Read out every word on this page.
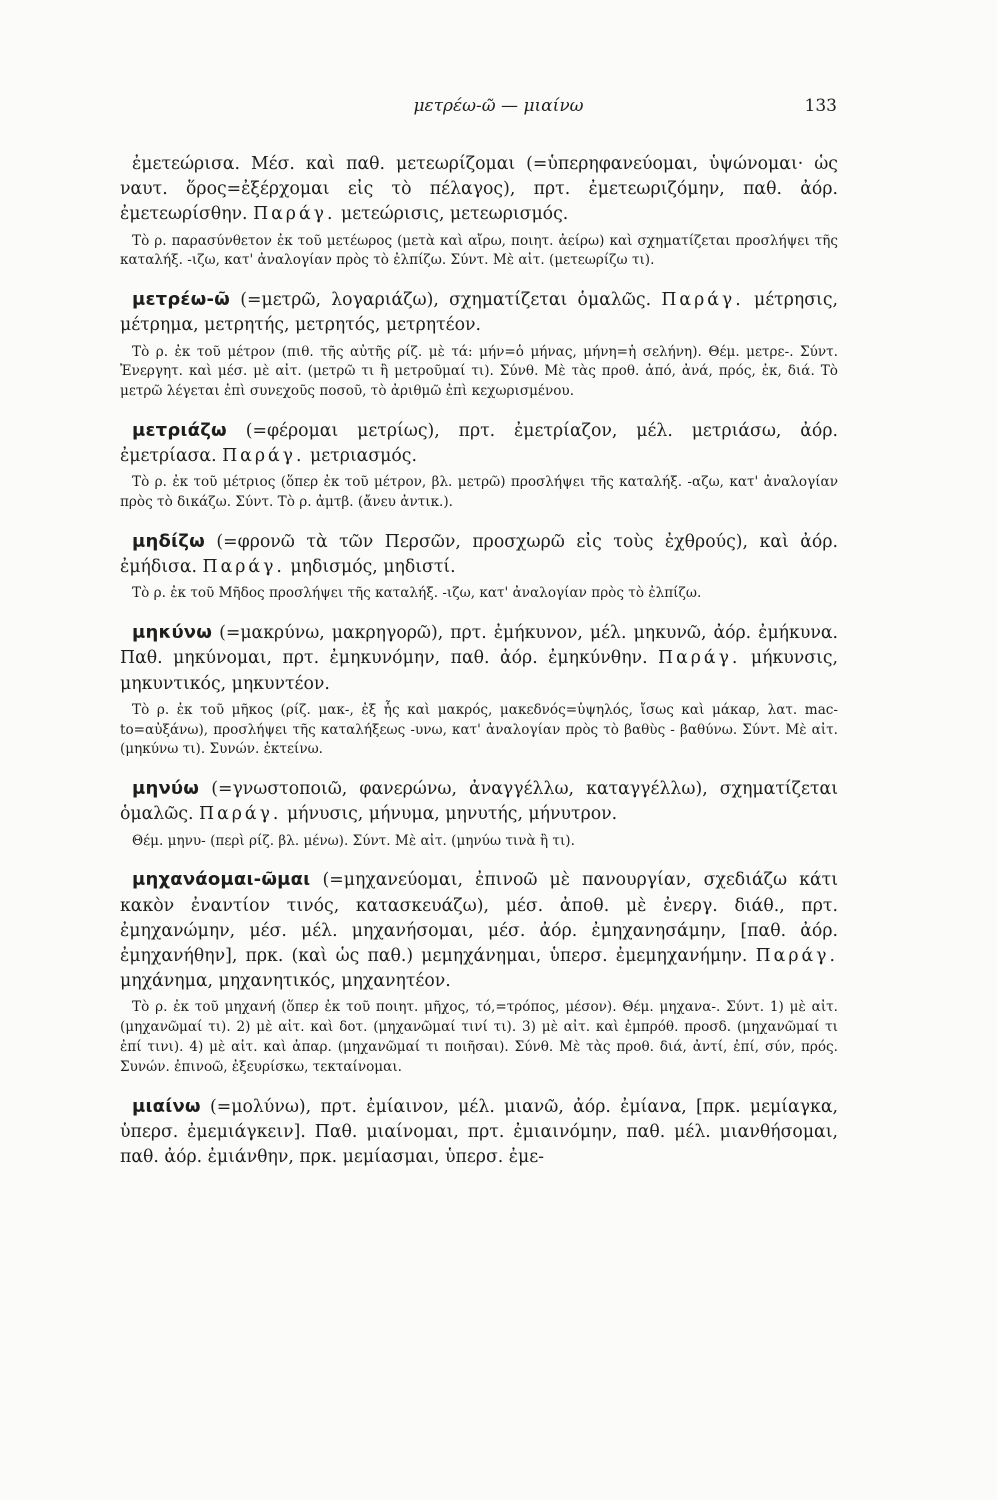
μετρέω-ῶ — μιαίνω	133

ἐμετεώρισα. Μέσ. καὶ παθ. μετεωρίζομαι (=ὑπερηφανεύομαι, ὑψώνομαι· ὡς ναυτ. ὅρος=ἐξέρχομαι εἰς τὸ πέλαγος), πρτ. ἐμετεωριζόμην, παθ. ἀόρ. ἐμετεωρίσθην. Παράγ. μετεώρισις, μετεωρισμός.

Τὸ ρ. παρασύνθετον ἐκ τοῦ μετέωρος (μετὰ καὶ αἴρω, ποιητ. ἀείρω) καὶ σχηματίζεται προσλήψει τῆς καταλήξ. -ιζω, κατ' ἀναλογίαν πρὸς τὸ ἐλπίζω. Σύντ. Μὲ αἰτ. (μετεωρίζω τι).

μετρέω-ῶ (=μετρῶ, λογαριάζω), σχηματίζεται ὁμαλῶς. Παράγ. μέτρησις, μέτρημα, μετρητής, μετρητός, μετρητέον.

Τὸ ρ. ἐκ τοῦ μέτρον (πιθ. τῆς αὐτῆς ρίζ. μὲ τά: μήν=ὁ μήνας, μήνη=ἡ σελήνη). Θέμ. μετρε-. Σύντ. Ἐνεργητ. καὶ μέσ. μὲ αἰτ. (μετρῶ τι ἢ μετροῦμαί τι). Σύνθ. Μὲ τὰς προθ. ἀπό, ἀνά, πρός, ἐκ, διά. Τὸ μετρῶ λέγεται ἐπὶ συνεχοῦς ποσοῦ, τὸ ἀριθμῶ ἐπὶ κεχωρισμένου.

μετριάζω (=φέρομαι μετρίως), πρτ. ἐμετρίαζον, μέλ. μετριάσω, ἀόρ. ἐμετρίασα. Παράγ. μετριασμός.

Τὸ ρ. ἐκ τοῦ μέτριος (ὅπερ ἐκ τοῦ μέτρον, βλ. μετρῶ) προσλήψει τῆς καταλήξ. -αζω, κατ' ἀναλογίαν πρὸς τὸ δικάζω. Σύντ. Τὸ ρ. ἀμτβ. (ἄνευ ἀντικ.).

μηδίζω (=φρονῶ τὰ τῶν Περσῶν, προσχωρῶ εἰς τοὺς ἐχθρούς), καὶ ἀόρ. ἐμήδισα. Παράγ. μηδισμός, μηδιστί.

Τὸ ρ. ἐκ τοῦ Μῆδος προσλήψει τῆς καταλήξ. -ιζω, κατ' ἀναλογίαν πρὸς τὸ ἐλπίζω.

μηκύνω (=μακρύνω, μακρηγορῶ), πρτ. ἐμήκυνον, μέλ. μηκυνῶ, ἀόρ. ἐμήκυνα. Παθ. μηκύνομαι, πρτ. ἐμηκυνόμην, παθ. ἀόρ. ἐμηκύνθην. Παράγ. μήκυνσις, μηκυντικός, μηκυντέον.

Τὸ ρ. ἐκ τοῦ μῆκος (ρίζ. μακ-, ἐξ ἧς καὶ μακρός, μακεδνός=ὑψηλός, ἴσως καὶ μάκαρ, λατ. mac-to=αὐξάνω), προσλήψει τῆς καταλήξεως -υνω, κατ' ἀναλογίαν πρὸς τὸ βαθὺς - βαθύνω. Σύντ. Μὲ αἰτ. (μηκύνω τι). Συνών. ἐκτείνω.

μηνύω (=γνωστοποιῶ, φανερώνω, ἀναγγέλλω, καταγγέλλω), σχηματίζεται ὁμαλῶς. Παράγ. μήνυσις, μήνυμα, μηνυτής, μήνυτρον.

Θέμ. μηνυ- (περὶ ρίζ. βλ. μένω). Σύντ. Μὲ αἰτ. (μηνύω τινὰ ἢ τι).

μηχανάομαι-ῶμαι (=μηχανεύομαι, ἐπινοῶ μὲ πανουργίαν, σχεδιάζω κάτι κακὸν ἐναντίον τινός, κατασκευάζω), μέσ. ἀποθ. μὲ ἐνεργ. διάθ., πρτ. ἐμηχανώμην, μέσ. μέλ. μηχανήσομαι, μέσ. ἀόρ. ἐμηχανησάμην, [παθ. ἀόρ. ἐμηχανήθην], πρκ. (καὶ ὡς παθ.) μεμηχάνημαι, ὑπερσ. ἐμεμηχανήμην. Παράγ. μηχάνημα, μηχανητικός, μηχανητέον.

Τὸ ρ. ἐκ τοῦ μηχανή (ὅπερ ἐκ τοῦ ποιητ. μῆχος, τό,=τρόπος, μέσον). Θέμ. μηχανα-. Σύντ. 1) μὲ αἰτ. (μηχανῶμαί τι). 2) μὲ αἰτ. καὶ δοτ. (μηχανῶμαί τινί τι). 3) μὲ αἰτ. καὶ ἐμπρόθ. προσδ. (μηχανῶμαί τι ἐπί τινι). 4) μὲ αἰτ. καὶ ἀπαρ. (μηχανῶμαί τι ποιῆσαι). Σύνθ. Μὲ τὰς προθ. διά, ἀντί, ἐπί, σύν, πρός. Συνών. ἐπινοῶ, ἐξευρίσκω, τεκταίνομαι.

μιαίνω (=μολύνω), πρτ. ἐμίαινον, μέλ. μιανῶ, ἀόρ. ἐμίανα, [πρκ. μεμίαγκα, ὑπερσ. ἐμεμιάγκειν]. Παθ. μιαίνομαι, πρτ. ἐμιαινόμην, παθ. μέλ. μιανθήσομαι, παθ. ἀόρ. ἐμιάνθην, πρκ. μεμίασμαι, ὑπερσ. ἐμε-
